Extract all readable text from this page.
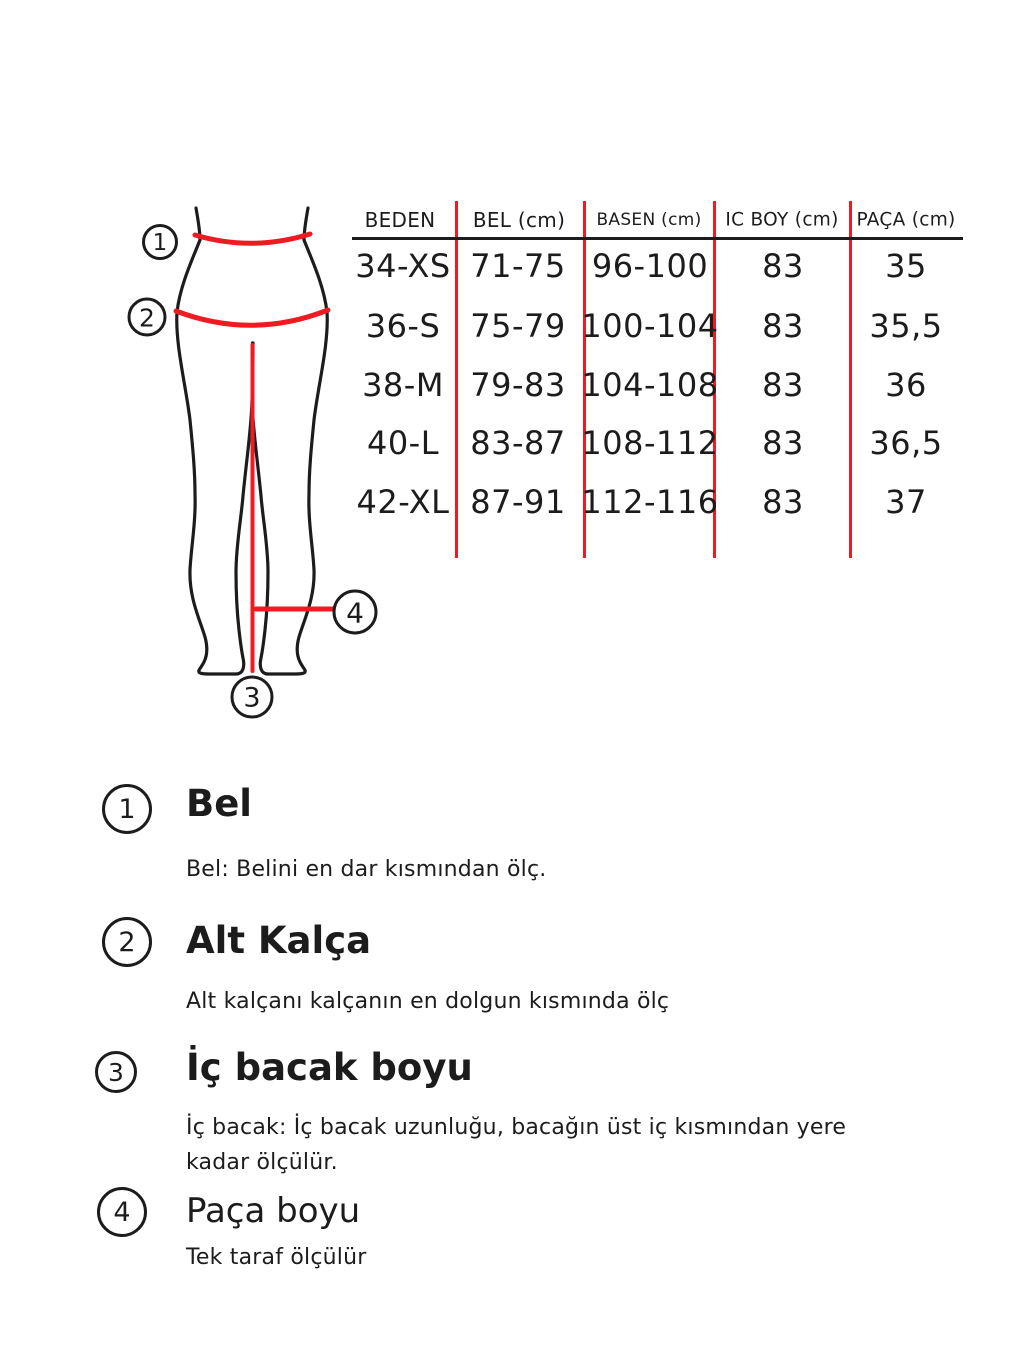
BEDEN BEL (cm) BASEN (cm) IC BOY (cm) PAÇA (cm)
34-XS 71-75 96-100 83	35
36-S 75-79 100-104 83 35,5
38-M 79-83 104-108 83	36
40-L 83-87 108-112 83 36,5
42-XL 87-91 112-116 83	37
1
2
3
4
1 Bel
Bel: Belini en dar kısmından ölç.
2 Alt Kalça
Alt kalçanı kalçanın en dolgun kısmında ölç
3 İç bacak boyu
İç bacak: İç bacak uzunluğu, bacağın üst iç kısmından yere kadar ölçülür.
4 Paça boyu
Tek taraf ölçülür
